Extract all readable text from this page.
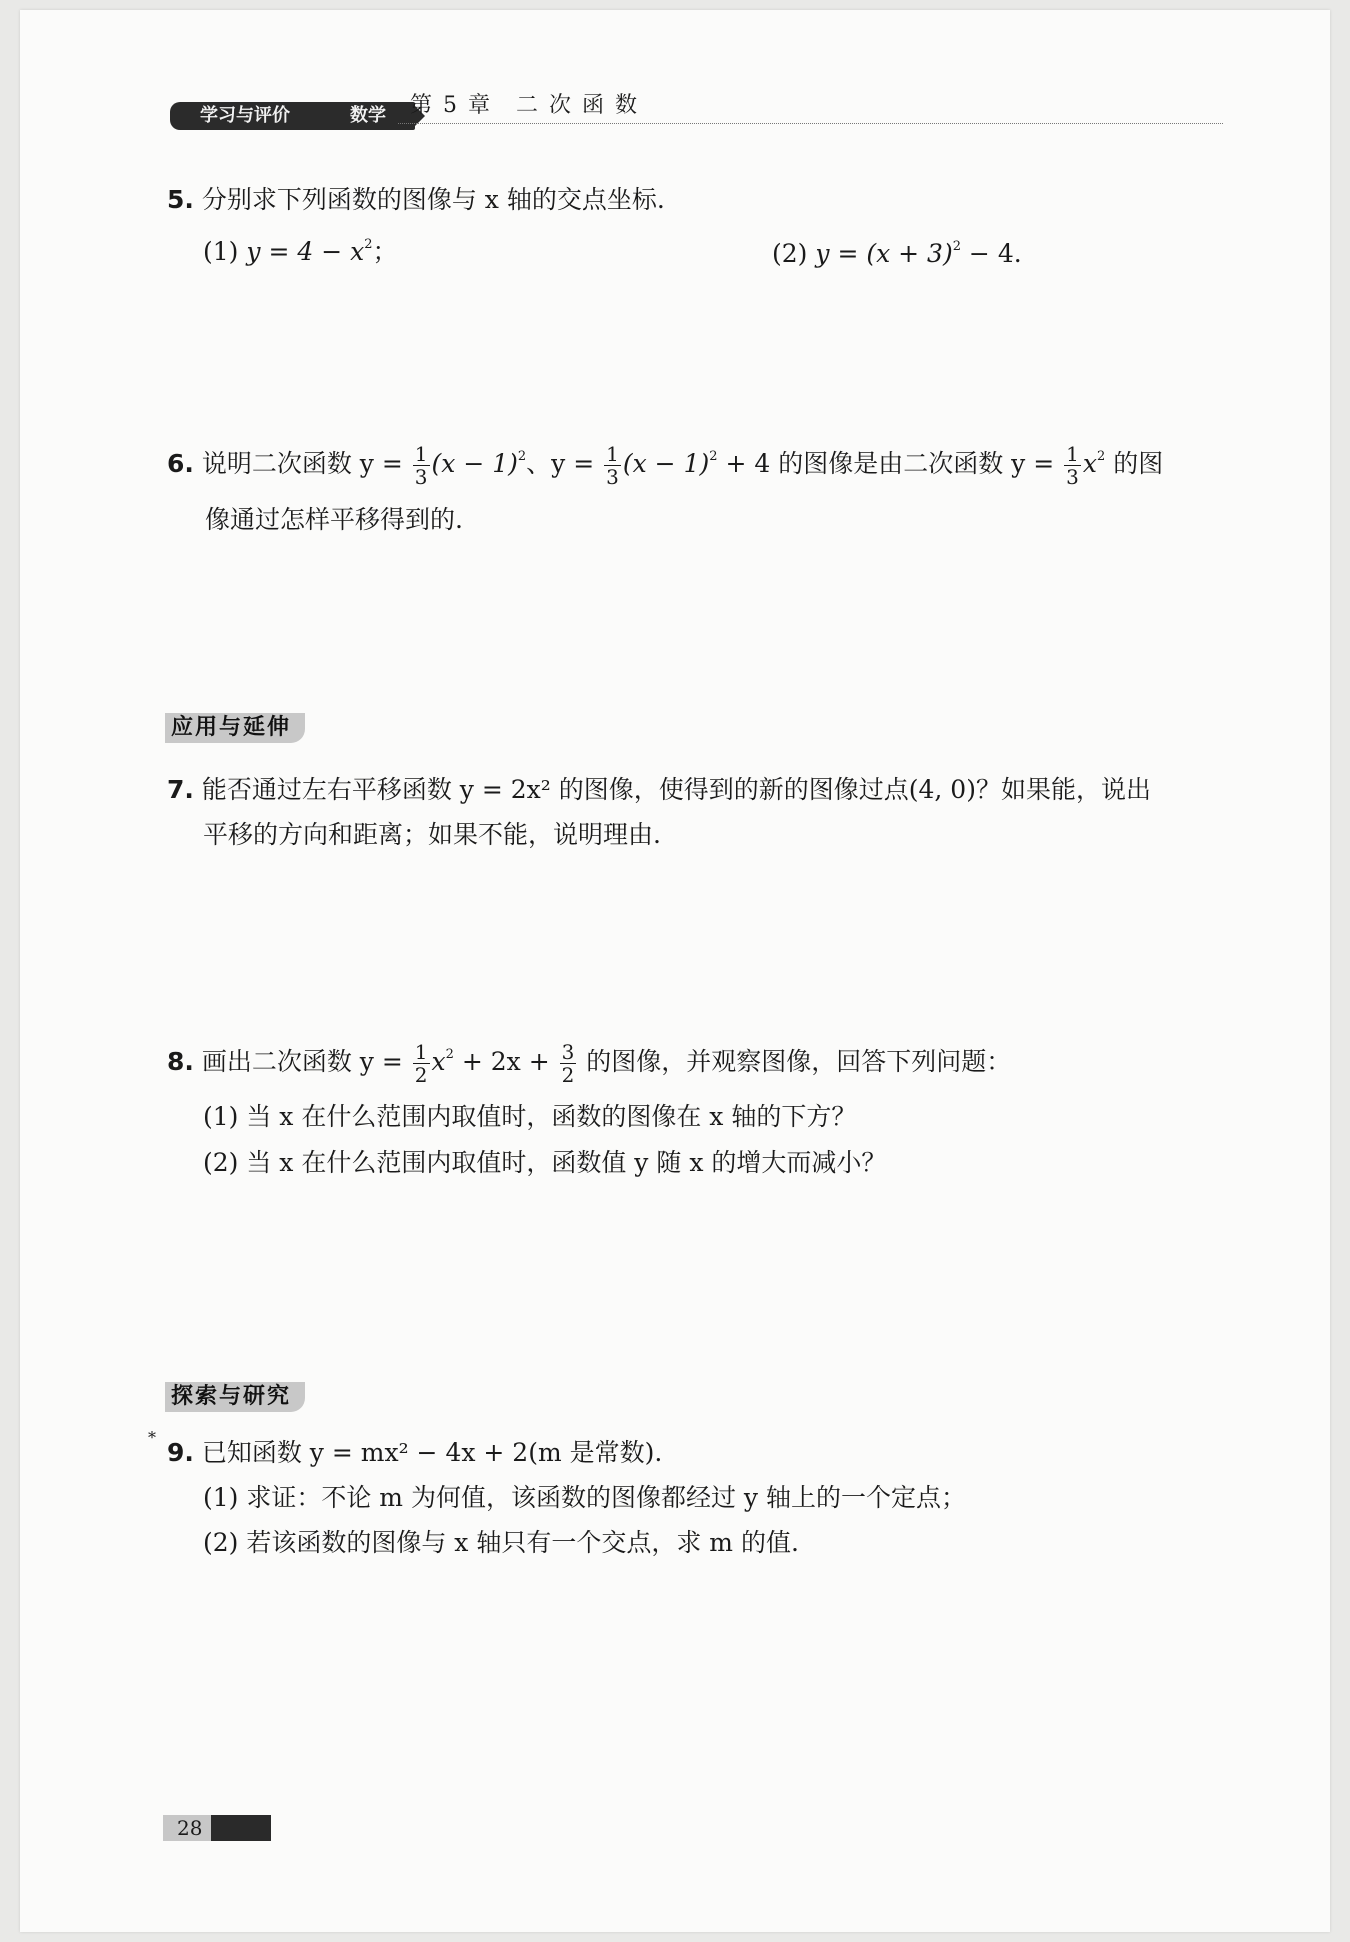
学习与评价	数学 第 5 章　二 次 函 数
5. 分别求下列函数的图像与 x 轴的交点坐标.
(1) $y = 4 - x^2$；	(2) $y = (x + 3)^2 - 4$.
6. 说明二次函数 $y = \frac{1}{3} (x - 1)^2$、$y = \frac{1}{3} (x - 1)^2 + 4$ 的图像是由二次函数 $y = \frac{1}{3} x^2$ 的图
像通过怎样平移得到的.
应用与延伸
7. 能否通过左右平移函数 y = 2x² 的图像，使得到的新的图像过点(4, 0)？如果能，说出
平移的方向和距离；如果不能，说明理由.
8. 画出二次函数 $y = \frac{1}{2} x^2 + 2x + \frac{3}{2}$ 的图像，并观察图像，回答下列问题：
(1) 当 x 在什么范围内取值时，函数的图像在 x 轴的下方？
(2) 当 x 在什么范围内取值时，函数值 y 随 x 的增大而减小？
探索与研究
*
9. 已知函数 y = mx² − 4x + 2(m 是常数).
(1) 求证：不论 m 为何值，该函数的图像都经过 y 轴上的一个定点；
(2) 若该函数的图像与 x 轴只有一个交点，求 m 的值.
28
